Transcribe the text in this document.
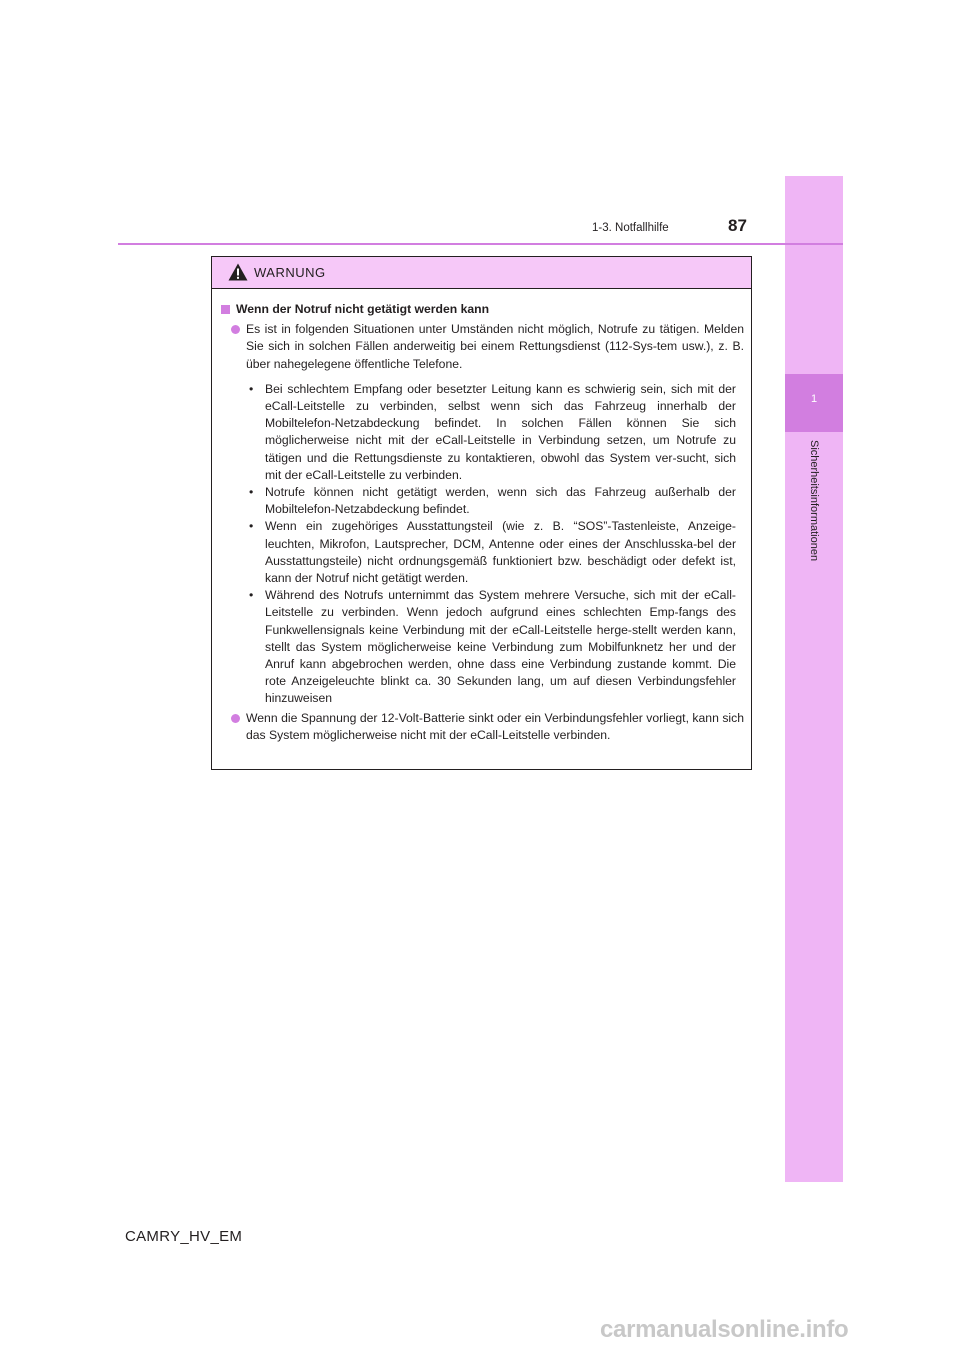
1
Sicherheitsinformationen
1-3. Notfallhilfe	87
WARNUNG
Wenn der Notruf nicht getätigt werden kann
Es ist in folgenden Situationen unter Umständen nicht möglich, Notrufe zu tätigen. Melden Sie sich in solchen Fällen anderweitig bei einem Rettungsdienst (112-Sys-tem usw.), z. B. über nahegelegene öffentliche Telefone.
• Bei schlechtem Empfang oder besetzter Leitung kann es schwierig sein, sich mit der eCall-Leitstelle zu verbinden, selbst wenn sich das Fahrzeug innerhalb der Mobiltelefon-Netzabdeckung befindet. In solchen Fällen können Sie sich möglicherweise nicht mit der eCall-Leitstelle in Verbindung setzen, um Notrufe zu tätigen und die Rettungsdienste zu kontaktieren, obwohl das System ver-sucht, sich mit der eCall-Leitstelle zu verbinden.
• Notrufe können nicht getätigt werden, wenn sich das Fahrzeug außerhalb der Mobiltelefon-Netzabdeckung befindet.
• Wenn ein zugehöriges Ausstattungsteil (wie z. B. “SOS”-Tastenleiste, Anzeige-leuchten, Mikrofon, Lautsprecher, DCM, Antenne oder eines der Anschlusska-bel der Ausstattungsteile) nicht ordnungsgemäß funktioniert bzw. beschädigt oder defekt ist, kann der Notruf nicht getätigt werden.
• Während des Notrufs unternimmt das System mehrere Versuche, sich mit der eCall-Leitstelle zu verbinden. Wenn jedoch aufgrund eines schlechten Emp-fangs des Funkwellensignals keine Verbindung mit der eCall-Leitstelle herge-stellt werden kann, stellt das System möglicherweise keine Verbindung zum Mobilfunknetz her und der Anruf kann abgebrochen werden, ohne dass eine Verbindung zustande kommt. Die rote Anzeigeleuchte blinkt ca. 30 Sekunden lang, um auf diesen Verbindungsfehler hinzuweisen
Wenn die Spannung der 12-Volt-Batterie sinkt oder ein Verbindungsfehler vorliegt, kann sich das System möglicherweise nicht mit der eCall-Leitstelle verbinden.
CAMRY_HV_EM
carmanualsonline.info
